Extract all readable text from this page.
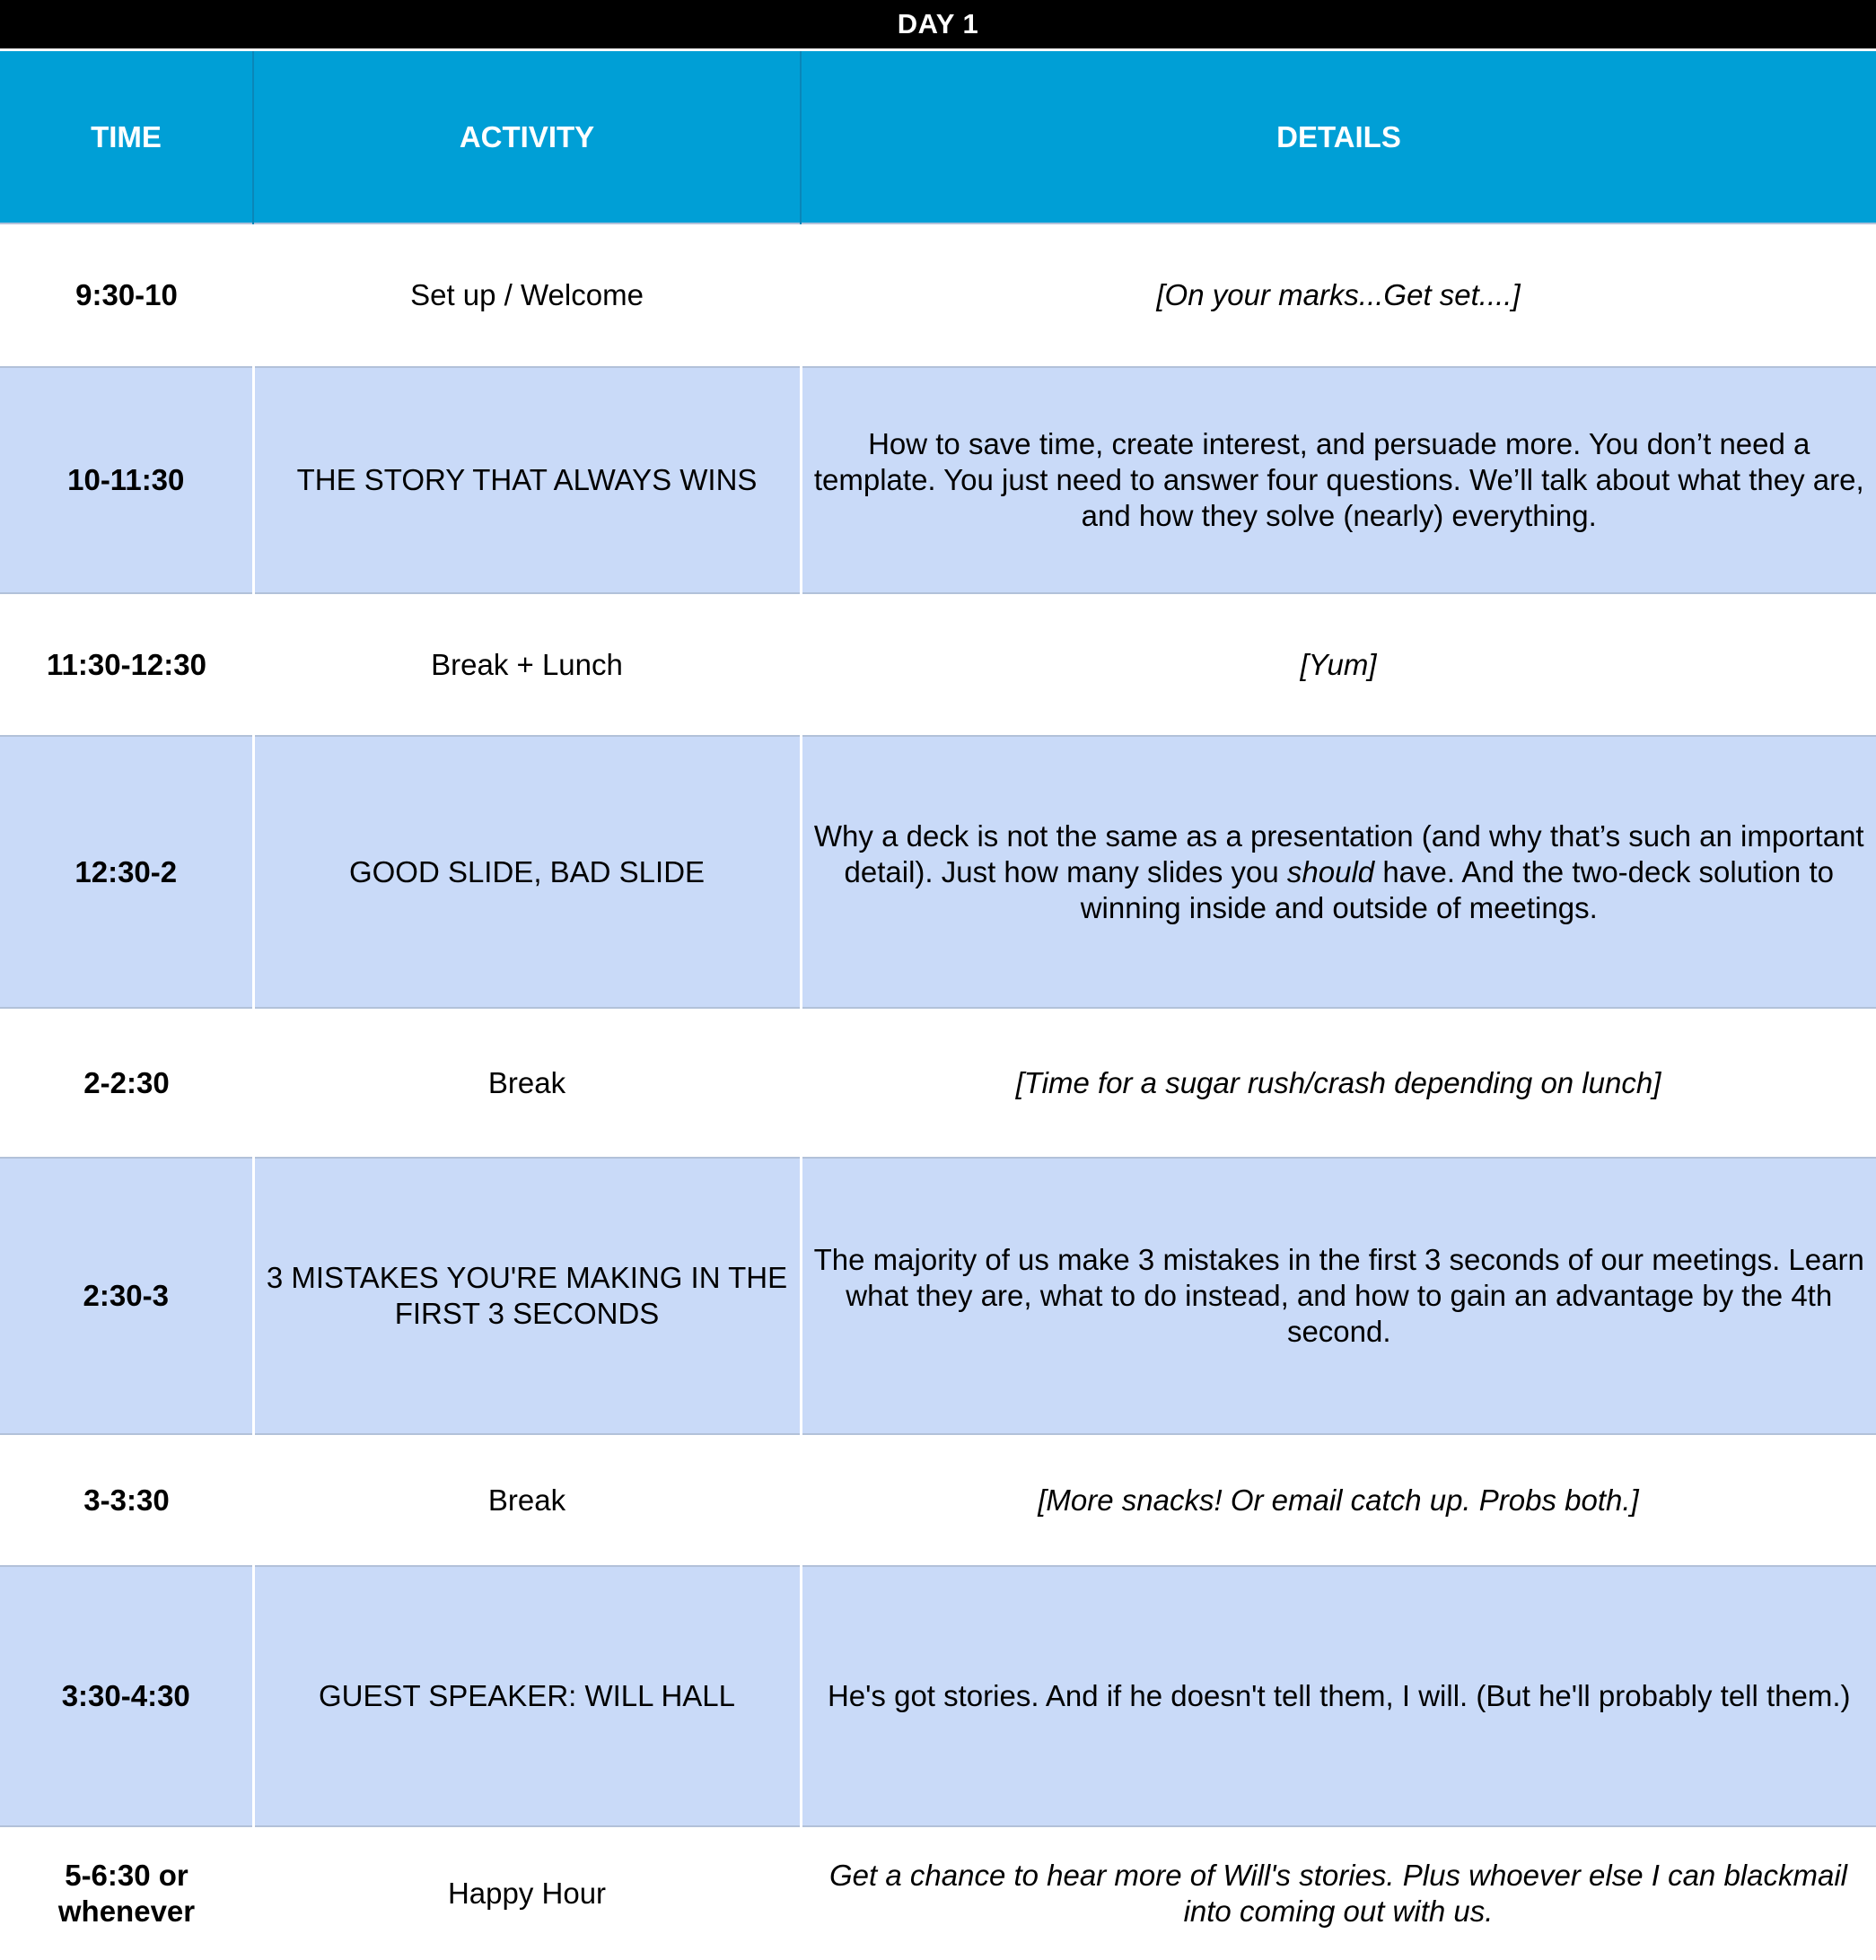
DAY 1
TIME	ACTIVITY	DETAILS
9:30-10	Set up / Welcome	[On your marks...Get set....]
10-11:30	THE STORY THAT ALWAYS WINS	How to save time, create interest, and persuade more. You don’t need a template. You just need to answer four questions. We’ll talk about what they are, and how they solve (nearly) everything.
11:30-12:30	Break + Lunch	[Yum]
12:30-2	GOOD SLIDE, BAD SLIDE	Why a deck is not the same as a presentation (and why that’s such an important detail). Just how many slides you should have. And the two-deck solution to winning inside and outside of meetings.
2-2:30	Break	[Time for a sugar rush/crash depending on lunch]
2:30-3	3 MISTAKES YOU'RE MAKING IN THE FIRST 3 SECONDS	The majority of us make 3 mistakes in the first 3 seconds of our meetings. Learn what they are, what to do instead, and how to gain an advantage by the 4th second.
3-3:30	Break	[More snacks! Or email catch up. Probs both.]
3:30-4:30	GUEST SPEAKER: WILL HALL	He's got stories. And if he doesn't tell them, I will. (But he'll probably tell them.)
5-6:30 or whenever	Happy Hour	Get a chance to hear more of Will's stories. Plus whoever else I can blackmail into coming out with us.
